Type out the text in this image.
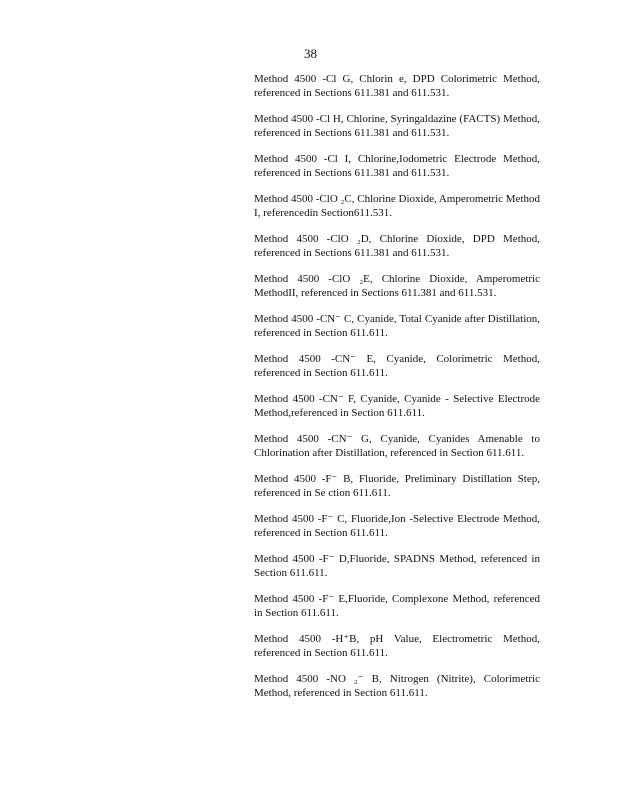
38

Method 4500 -Cl G, Chlorin e, DPD Colorimetric Method, referenced in Sections 611.381 and 611.531.

Method 4500 -Cl H, Chlorine, Syringaldazine (FACTS) Method, referenced in Sections 611.381 and 611.531.

Method 4500 -Cl I, Chlorine,Iodometric Electrode Method, referenced in Sections 611.381 and 611.531.

Method 4500 -ClO ₂C, Chlorine Dioxide, Amperometric Method I, referencedin Section611.531.

Method 4500 -ClO ₂D, Chlorine Dioxide, DPD Method, referenced in Sections 611.381 and 611.531.

Method 4500 -ClO ₂E, Chlorine Dioxide, Amperometric MethodII, referenced in Sections 611.381 and 611.531.

Method 4500 -CN⁻ C, Cyanide, Total Cyanide after Distillation, referenced in Section 611.611.

Method 4500 -CN⁻ E, Cyanide, Colorimetric Method, referenced in Section 611.611.

Method 4500 -CN⁻ F, Cyanide, Cyanide - Selective Electrode Method,referenced in Section 611.611.

Method 4500 -CN⁻ G, Cyanide, Cyanides Amenable to Chlorination after Distillation, referenced in Section 611.611.

Method 4500 -F⁻ B, Fluoride, Preliminary Distillation Step, referenced in Se ction 611.611.

Method 4500 -F⁻ C, Fluoride,Ion -Selective Electrode Method, referenced in Section 611.611.

Method 4500 -F⁻ D,Fluoride, SPADNS Method, referenced in Section 611.611.

Method 4500 -F⁻ E,Fluoride, Complexone Method, referenced in Section 611.611.

Method 4500 -H⁺B, pH Value, Electrometric Method, referenced in Section 611.611.

Method 4500 -NO ₂⁻ B, Nitrogen (Nitrite), Colorimetric Method, referenced in Section 611.611.
